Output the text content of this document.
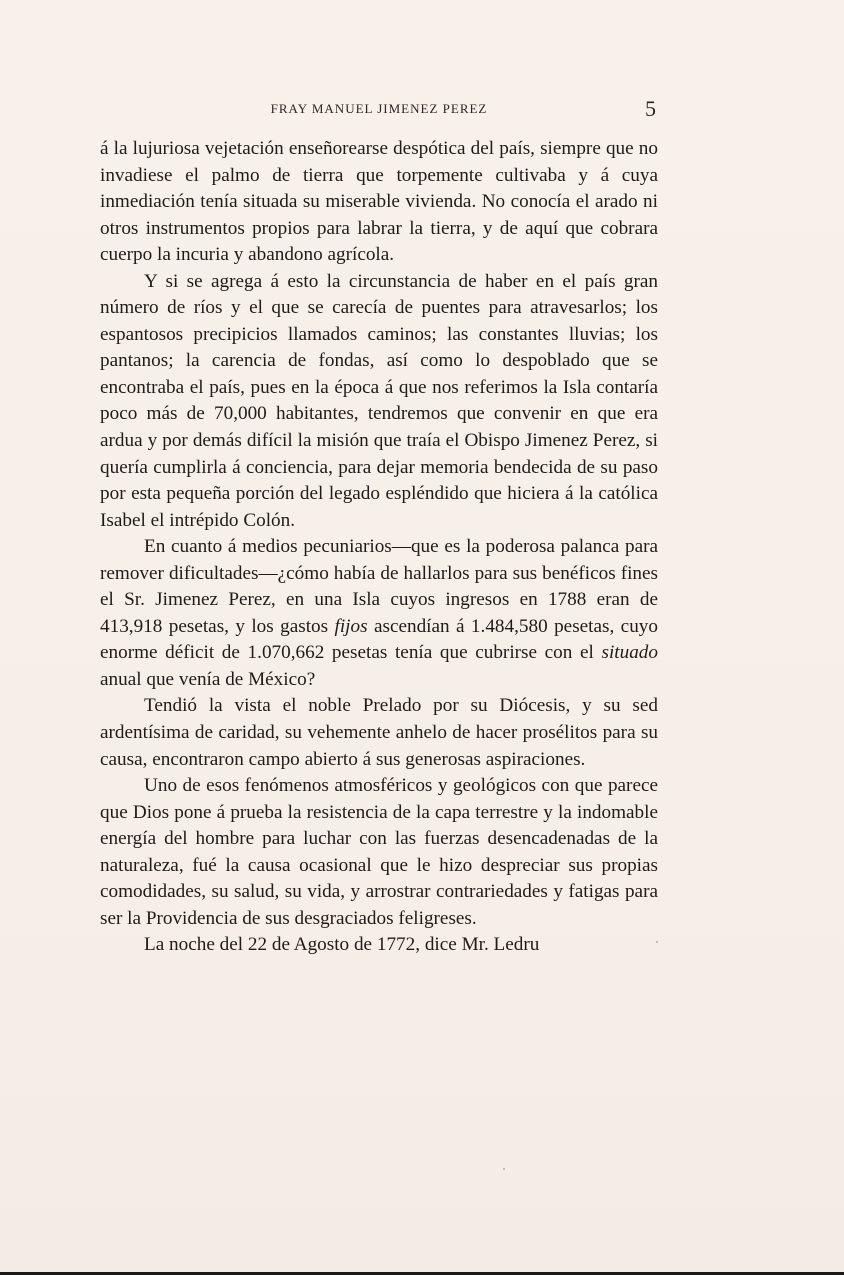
FRAY MANUEL JIMENEZ PEREZ	5

á la lujuriosa vejetación enseñorearse despótica del país, siempre que no invadiese el palmo de tierra que torpemente cultivaba y á cuya inmediación tenía situada su miserable vivienda. No conocía el arado ni otros instrumentos propios para labrar la tierra, y de aquí que cobrara cuerpo la incuria y abandono agrícola.

Y si se agrega á esto la circunstancia de haber en el país gran número de ríos y el que se carecía de puentes para atravesarlos; los espantosos precipicios llamados caminos; las constantes lluvias; los pantanos; la carencia de fondas, así como lo despoblado que se encontraba el país, pues en la época á que nos referimos la Isla contaría poco más de 70,000 habitantes, tendremos que convenir en que era ardua y por demás difícil la misión que traía el Obispo Jimenez Perez, si quería cumplirla á conciencia, para dejar memoria bendecida de su paso por esta pequeña porción del legado espléndido que hiciera á la católica Isabel el intrépido Colón.

En cuanto á medios pecuniarios—que es la poderosa palanca para remover dificultades—¿cómo había de hallarlos para sus benéficos fines el Sr. Jimenez Perez, en una Isla cuyos ingresos en 1788 eran de 413,918 pesetas, y los gastos fijos ascendían á 1.484,580 pesetas, cuyo enorme déficit de 1.070,662 pesetas tenía que cubrirse con el situado anual que venía de México?

Tendió la vista el noble Prelado por su Diócesis, y su sed ardentísima de caridad, su vehemente anhelo de hacer prosélitos para su causa, encontraron campo abierto á sus generosas aspiraciones.

Uno de esos fenómenos atmosféricos y geológicos con que parece que Dios pone á prueba la resistencia de la capa terrestre y la indomable energía del hombre para luchar con las fuerzas desencadenadas de la naturaleza, fué la causa ocasional que le hizo despreciar sus propias comodidades, su salud, su vida, y arrostrar contrariedades y fatigas para ser la Providencia de sus desgraciados feligreses.

La noche del 22 de Agosto de 1772, dice Mr. Ledru
